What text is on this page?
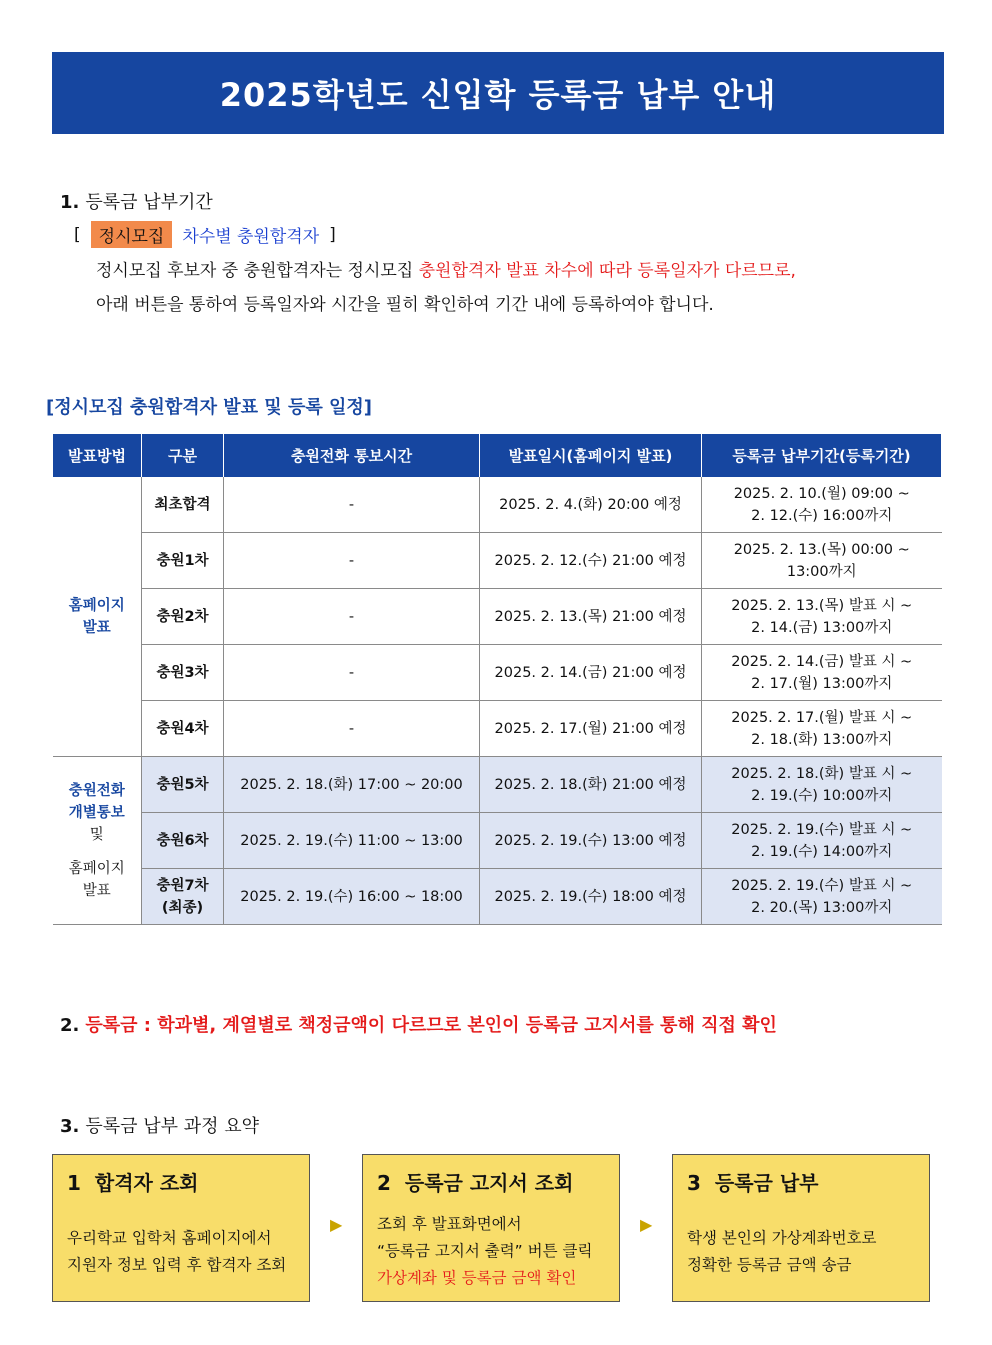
2025학년도 신입학 등록금 납부 안내
1. 등록금 납부기간
[	정시모집	차수별 충원합격자 ]
정시모집 후보자 중 충원합격자는 정시모집 충원합격자 발표 차수에 따라 등록일자가 다르므로,
아래 버튼을 통하여 등록일자와 시간을 필히 확인하여 기간 내에 등록하여야 합니다.
[정시모집 충원합격자 발표 및 등록 일정]
발표방법	구분	충원전화 통보시간	발표일시(홈페이지 발표)	등록금 납부기간(등록기간)
홈페이지
발표	최초합격	-	2025. 2. 4.(화) 20:00 예정	2025. 2. 10.(월) 09:00 ~
2. 12.(수) 16:00까지
	충원1차	-	2025. 2. 12.(수) 21:00 예정	2025. 2. 13.(목) 00:00 ~
13:00까지
	충원2차	-	2025. 2. 13.(목) 21:00 예정	2025. 2. 13.(목) 발표 시 ~
2. 14.(금) 13:00까지
	충원3차	-	2025. 2. 14.(금) 21:00 예정	2025. 2. 14.(금) 발표 시 ~
2. 17.(월) 13:00까지
	충원4차	-	2025. 2. 17.(월) 21:00 예정	2025. 2. 17.(월) 발표 시 ~
2. 18.(화) 13:00까지
충원전화
개별통보
및

홈페이지
발표	충원5차	2025. 2. 18.(화) 17:00 ~ 20:00	2025. 2. 18.(화) 21:00 예정	2025. 2. 18.(화) 발표 시 ~
2. 19.(수) 10:00까지
	충원6차	2025. 2. 19.(수) 11:00 ~ 13:00	2025. 2. 19.(수) 13:00 예정	2025. 2. 19.(수) 발표 시 ~
2. 19.(수) 14:00까지
	충원7차
(최종)	2025. 2. 19.(수) 16:00 ~ 18:00	2025. 2. 19.(수) 18:00 예정	2025. 2. 19.(수) 발표 시 ~
2. 20.(목) 13:00까지
2. 등록금 : 학과별, 계열별로 책정금액이 다르므로 본인이 등록금 고지서를 통해 직접 확인
3. 등록금 납부 과정 요약
1 합격자 조회
우리학교 입학처 홈페이지에서
지원자 정보 입력 후 합격자 조회
▶
2 등록금 고지서 조회
조회 후 발표화면에서
“등록금 고지서 출력” 버튼 클릭
가상계좌 및 등록금 금액 확인
▶
3 등록금 납부
학생 본인의 가상계좌번호로
정확한 등록금 금액 송금
